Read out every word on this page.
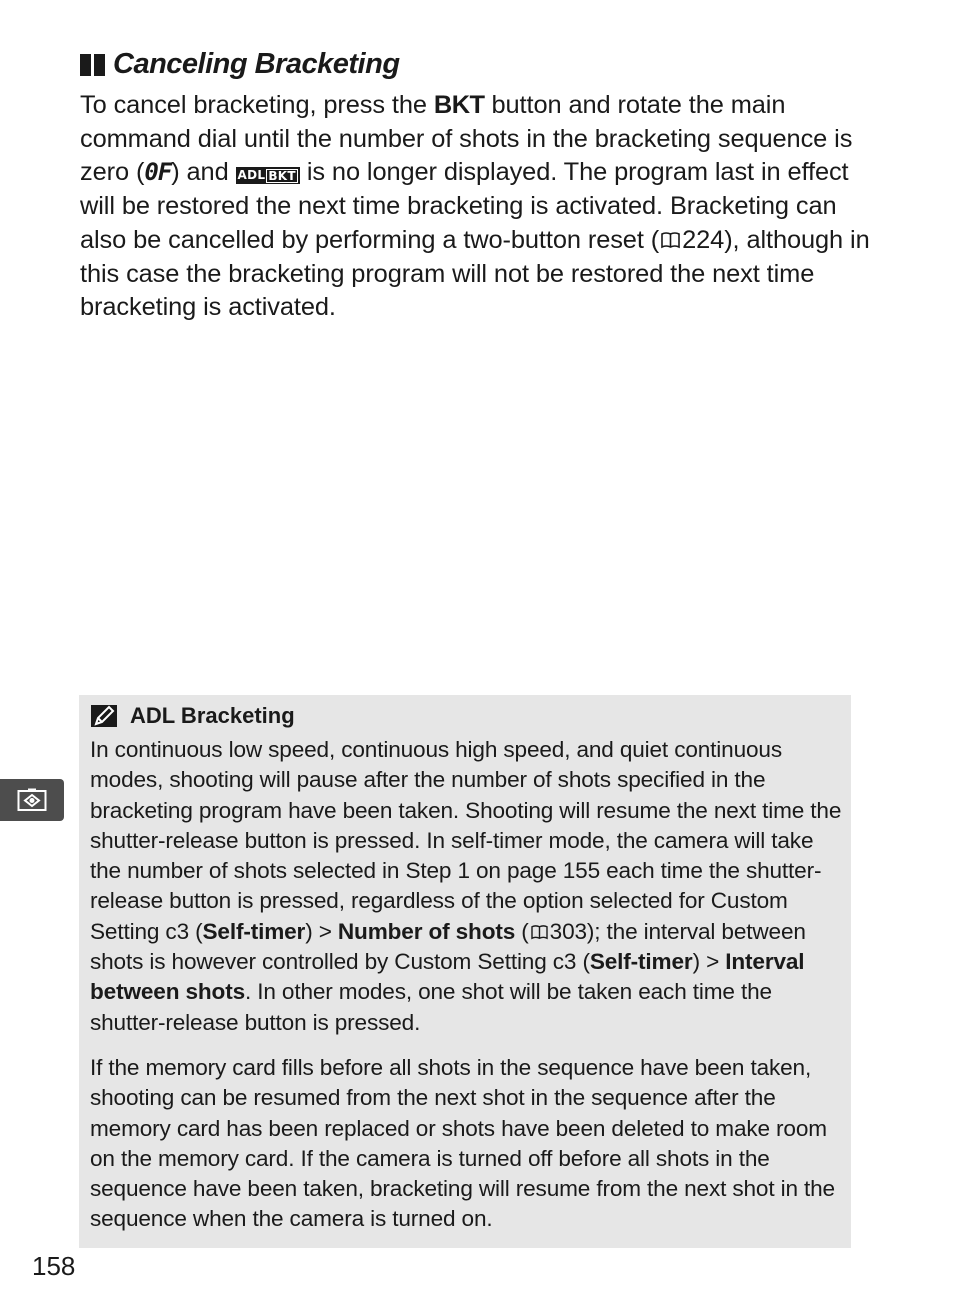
Canceling Bracketing

To cancel bracketing, press the BKT button and rotate the main command dial until the number of shots in the bracketing sequence is zero (0F) and ADL BKT is no longer displayed. The program last in effect will be restored the next time bracketing is activated. Bracketing can also be cancelled by performing a two-button reset ( 224), although in this case the bracketing program will not be restored the next time bracketing is activated.

ADL Bracketing

In continuous low speed, continuous high speed, and quiet continuous modes, shooting will pause after the number of shots specified in the bracketing program have been taken. Shooting will resume the next time the shutter-release button is pressed. In self-timer mode, the camera will take the number of shots selected in Step 1 on page 155 each time the shutter-release button is pressed, regardless of the option selected for Custom Setting c3 (Self-timer) > Number of shots ( 303); the interval between shots is however controlled by Custom Setting c3 (Self-timer) > Interval between shots. In other modes, one shot will be taken each time the shutter-release button is pressed.

If the memory card fills before all shots in the sequence have been taken, shooting can be resumed from the next shot in the sequence after the memory card has been replaced or shots have been deleted to make room on the memory card. If the camera is turned off before all shots in the sequence have been taken, bracketing will resume from the next shot in the sequence when the camera is turned on.

158
